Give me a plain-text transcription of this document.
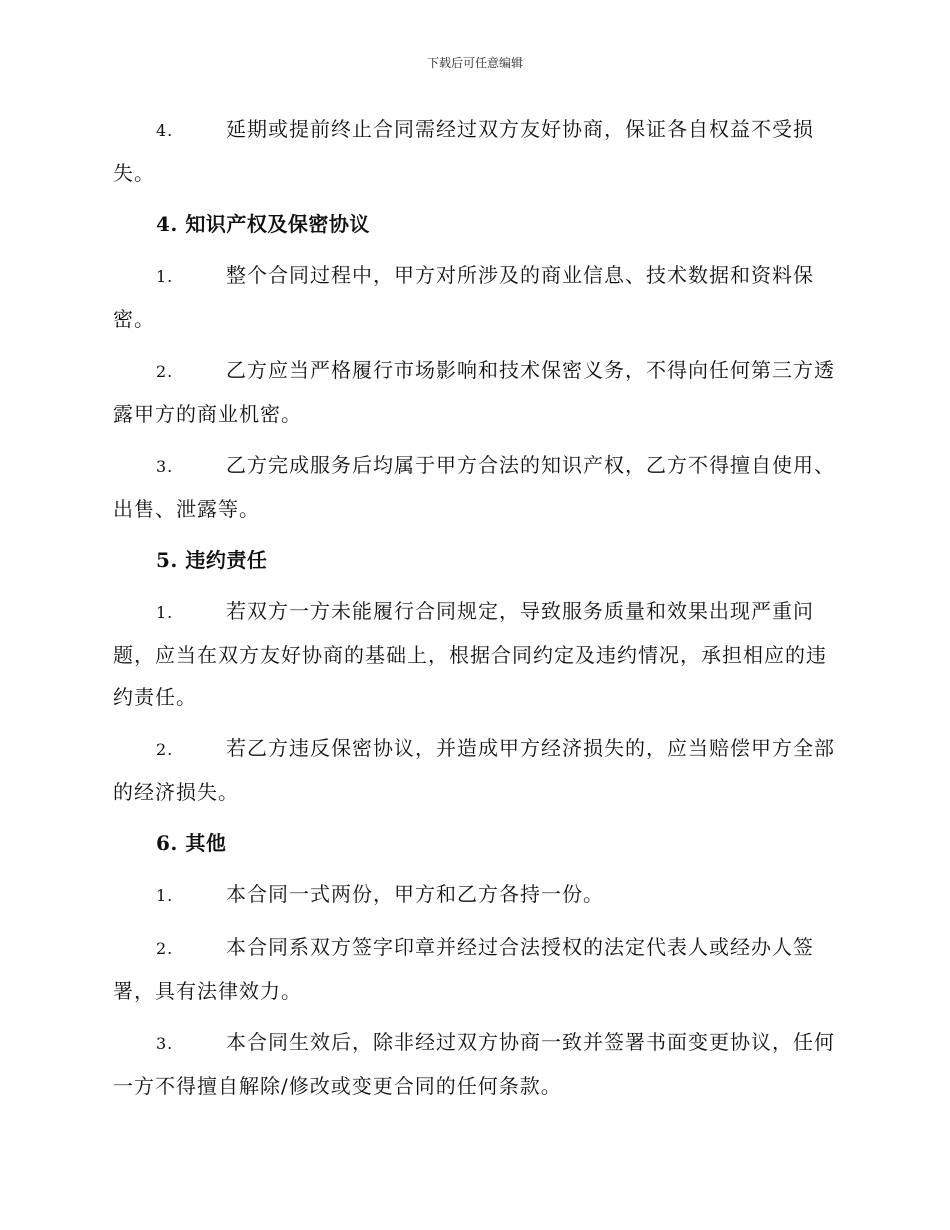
下载后可任意编辑

4.	延期或提前终止合同需经过双方友好协商，保证各自权益不受损失。

4. 知识产权及保密协议

1.	整个合同过程中，甲方对所涉及的商业信息、技术数据和资料保密。

2.	乙方应当严格履行市场影响和技术保密义务，不得向任何第三方透露甲方的商业机密。

3.	乙方完成服务后均属于甲方合法的知识产权，乙方不得擅自使用、出售、泄露等。

5. 违约责任

1.	若双方一方未能履行合同规定，导致服务质量和效果出现严重问题，应当在双方友好协商的基础上，根据合同约定及违约情况，承担相应的违约责任。

2.	若乙方违反保密协议，并造成甲方经济损失的，应当赔偿甲方全部的经济损失。

6. 其他

1.	本合同一式两份，甲方和乙方各持一份。

2.	本合同系双方签字印章并经过合法授权的法定代表人或经办人签署，具有法律效力。

3.	本合同生效后，除非经过双方协商一致并签署书面变更协议，任何一方不得擅自解除/修改或变更合同的任何条款。
